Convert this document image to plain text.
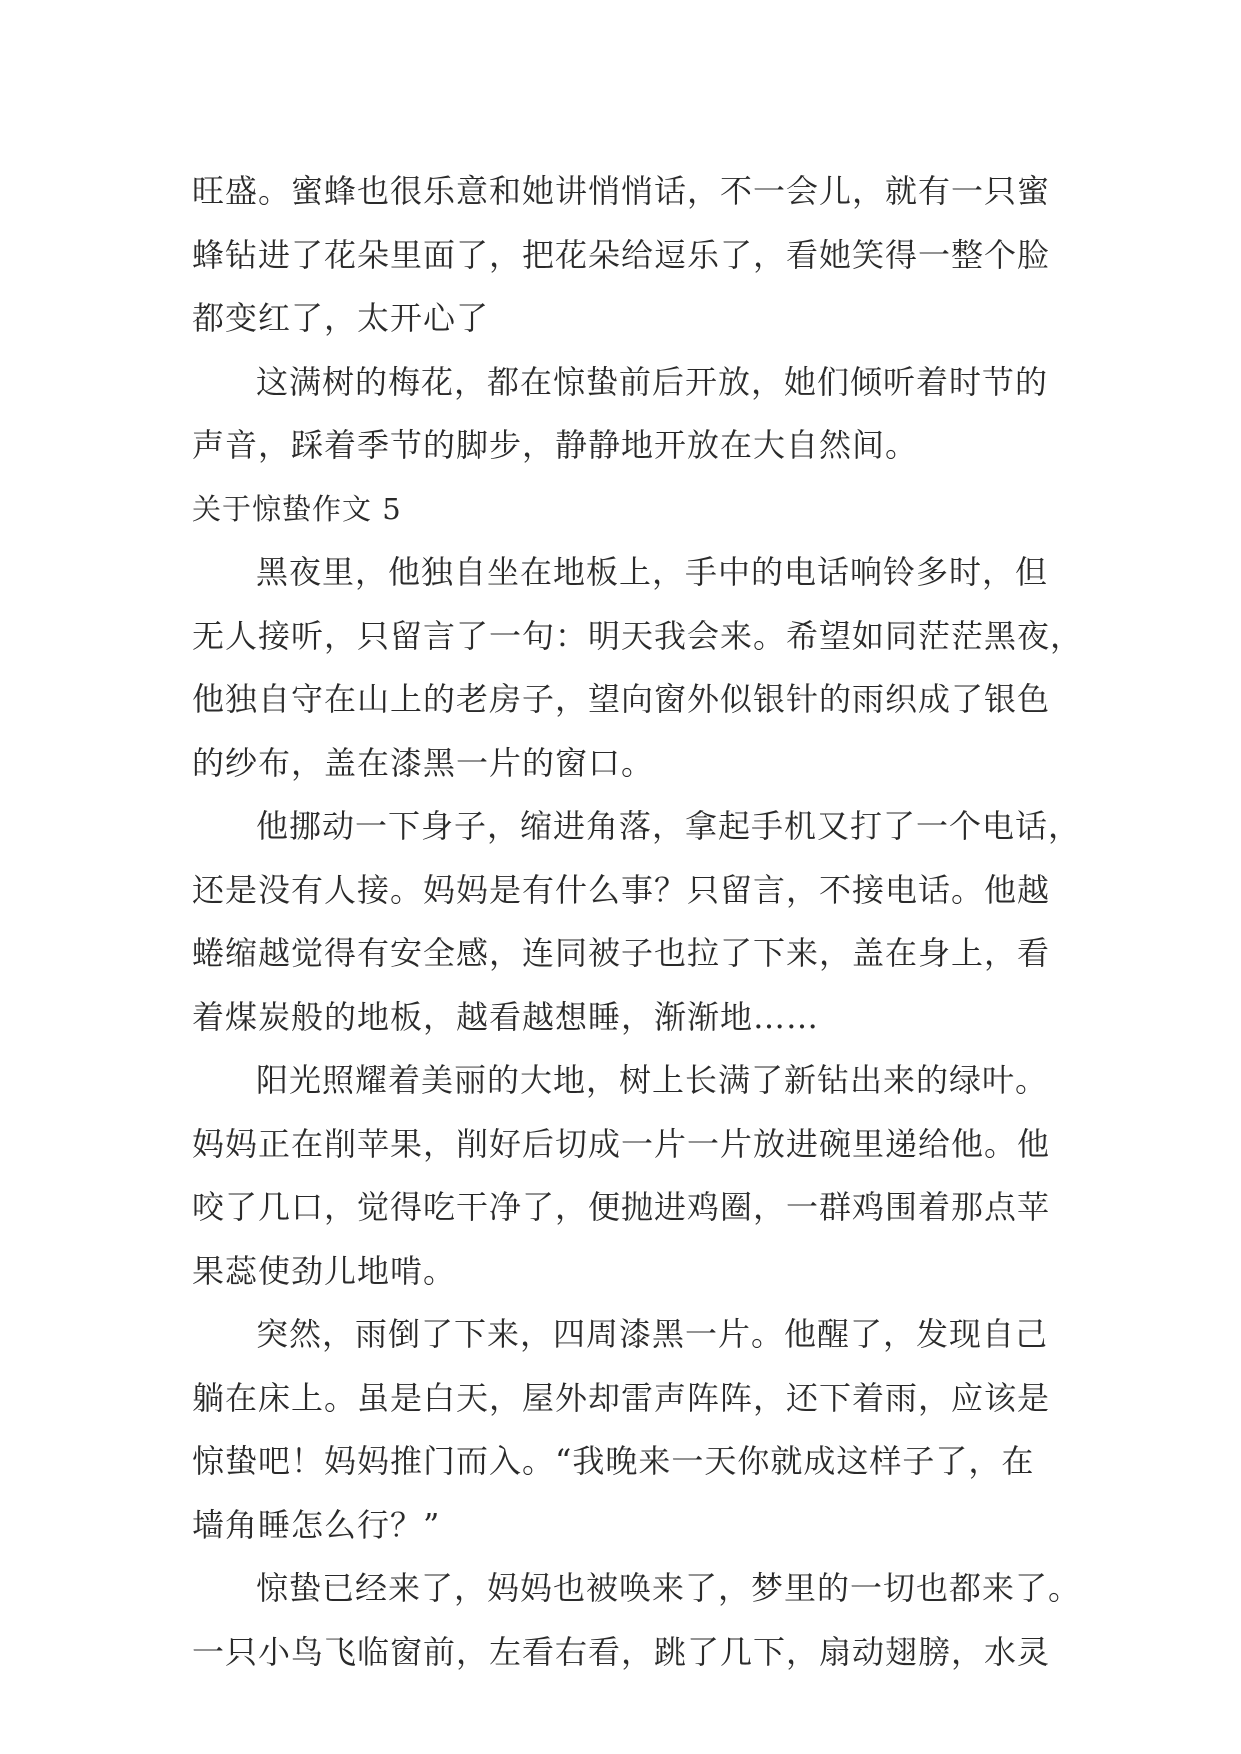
旺盛。蜜蜂也很乐意和她讲悄悄话，不一会儿，就有一只蜜
蜂钻进了花朵里面了，把花朵给逗乐了，看她笑得一整个脸
都变红了，太开心了
这满树的梅花，都在惊蛰前后开放，她们倾听着时节的
声音，踩着季节的脚步，静静地开放在大自然间。
关于惊蛰作文 5
黑夜里，他独自坐在地板上，手中的电话响铃多时，但
无人接听，只留言了一句：明天我会来。希望如同茫茫黑夜，
他独自守在山上的老房子，望向窗外似银针的雨织成了银色
的纱布，盖在漆黑一片的窗口。
他挪动一下身子，缩进角落，拿起手机又打了一个电话，
还是没有人接。妈妈是有什么事？只留言，不接电话。他越
蜷缩越觉得有安全感，连同被子也拉了下来，盖在身上，看
着煤炭般的地板，越看越想睡，渐渐地……
阳光照耀着美丽的大地，树上长满了新钻出来的绿叶。
妈妈正在削苹果，削好后切成一片一片放进碗里递给他。他
咬了几口，觉得吃干净了，便抛进鸡圈，一群鸡围着那点苹
果蕊使劲儿地啃。
突然，雨倒了下来，四周漆黑一片。他醒了，发现自己
躺在床上。虽是白天，屋外却雷声阵阵，还下着雨，应该是
惊蛰吧！妈妈推门而入。“我晚来一天你就成这样子了，在
墙角睡怎么行？”
惊蛰已经来了，妈妈也被唤来了，梦里的一切也都来了。
一只小鸟飞临窗前，左看右看，跳了几下，扇动翅膀，水灵
